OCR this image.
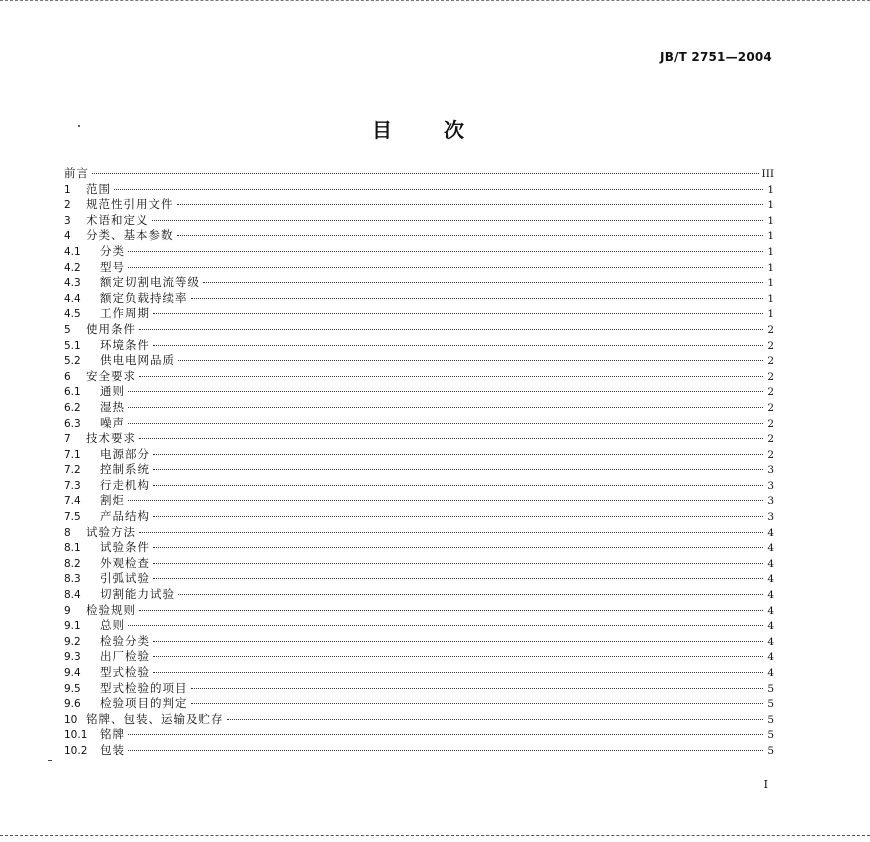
JB/T 2751—2004
目次
前言	III
1	范围	1
2	规范性引用文件	1
3	术语和定义	1
4	分类、基本参数	1
4.1	分类	1
4.2	型号	1
4.3	额定切割电流等级	1
4.4	额定负载持续率	1
4.5	工作周期	1
5	使用条件	2
5.1	环境条件	2
5.2	供电电网品质	2
6	安全要求	2
6.1	通则	2
6.2	湿热	2
6.3	噪声	2
7	技术要求	2
7.1	电源部分	2
7.2	控制系统	3
7.3	行走机构	3
7.4	割炬	3
7.5	产品结构	3
8	试验方法	4
8.1	试验条件	4
8.2	外观检查	4
8.3	引弧试验	4
8.4	切割能力试验	4
9	检验规则	4
9.1	总则	4
9.2	检验分类	4
9.3	出厂检验	4
9.4	型式检验	4
9.5	型式检验的项目	5
9.6	检验项目的判定	5
10 铭牌、包装、运输及贮存	5
10.1	铭牌	5
10.2	包装	5
I
